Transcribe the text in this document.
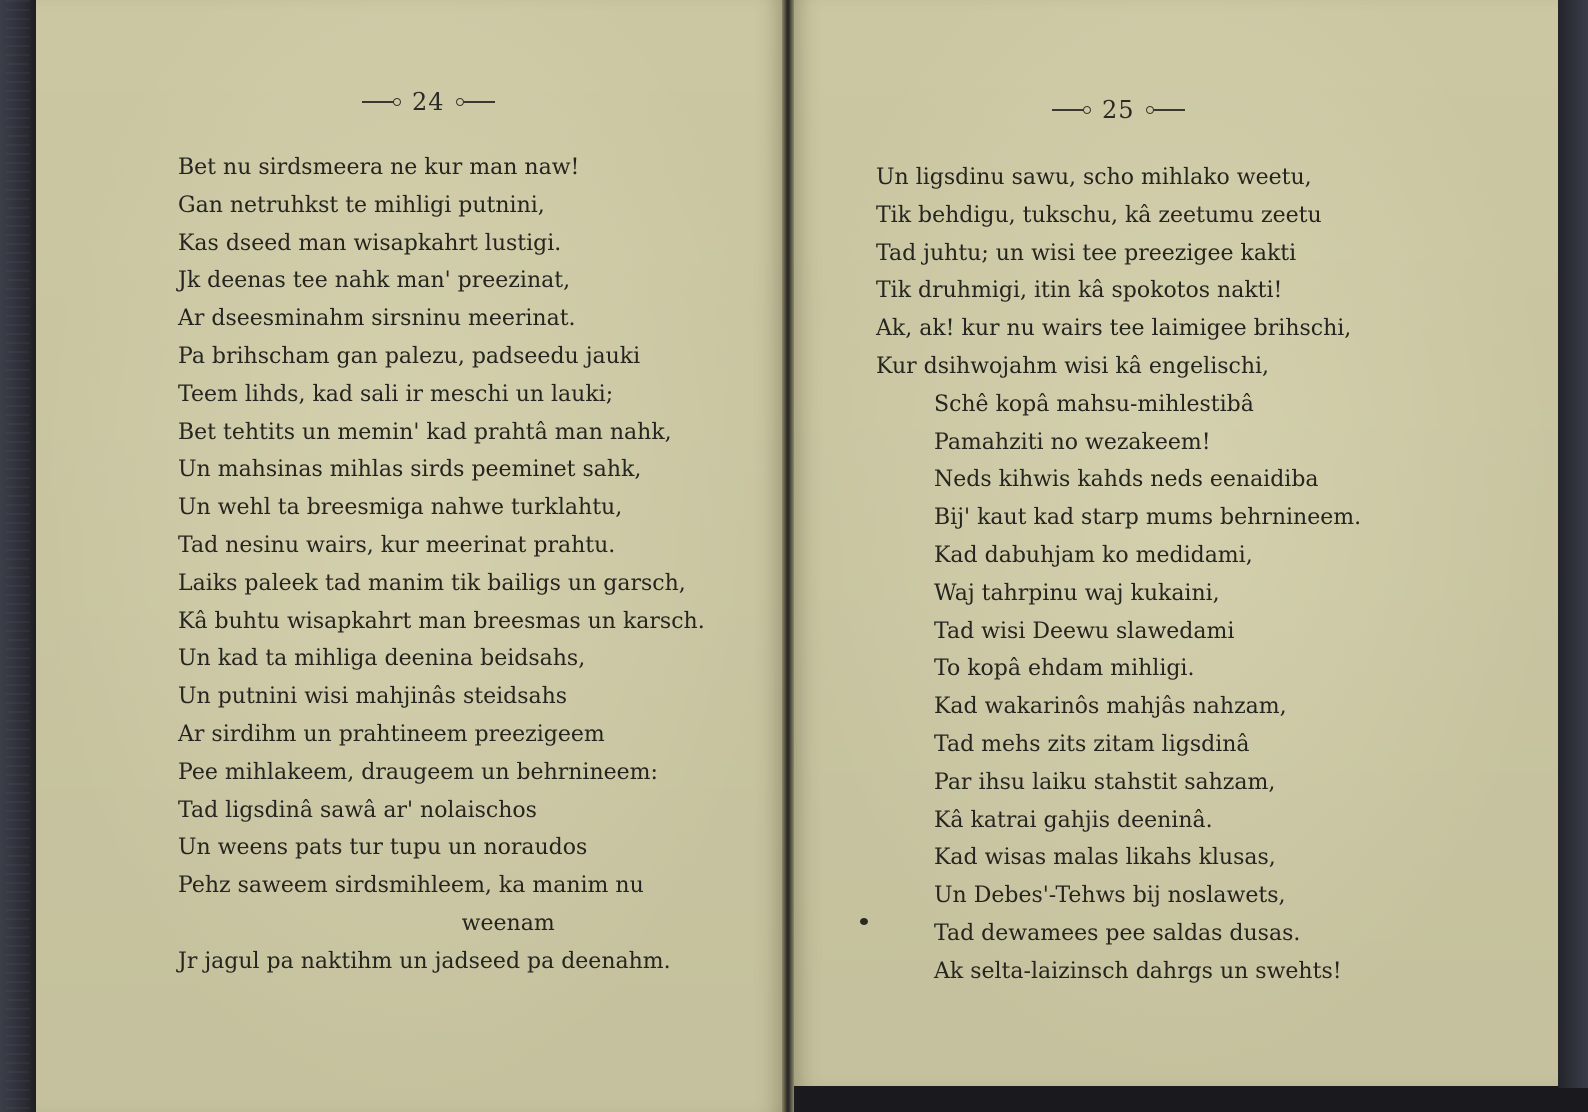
24
Bet nu sirdsmeera ne kur man naw!
Gan netruhkst te mihligi putnini,
Kas dseed man wisapkahrt lustigi.
Jk deenas tee nahk man' preezinat,
Ar dseesminahm sirsninu meerinat.
Pa brihscham gan palezu, padseedu jauki
Teem lihds, kad sali ir meschi un lauki;
Bet tehtits un memin' kad prahtâ man nahk,
Un mahsinas mihlas sirds peeminet sahk,
Un wehl ta breesmiga nahwe turklahtu,
Tad nesinu wairs, kur meerinat prahtu.
Laiks paleek tad manim tik bailigs un garsch,
Kâ buhtu wisapkahrt man breesmas un karsch.
Un kad ta mihliga deenina beidsahs,
Un putnini wisi mahjinâs steidsahs
Ar sirdihm un prahtineem preezigeem
Pee mihlakeem, draugeem un behrnineem:
Tad ligsdinâ sawâ ar' nolaischos
Un weens pats tur tupu un noraudos
Pehz saweem sirdsmihleem, ka manim nu
weenam
Jr jagul pa naktihm un jadseed pa deenahm.
25
Un ligsdinu sawu, scho mihlako weetu,
Tik behdigu, tukschu, kâ zeetumu zeetu
Tad juhtu; un wisi tee preezigee kakti
Tik druhmigi, itin kâ spokotos nakti!
Ak, ak! kur nu wairs tee laimigee brihschi,
Kur dsihwojahm wisi kâ engelischi,
Schê kopâ mahsu-mihlestibâ
Pamahziti no wezakeem!
Neds kihwis kahds neds eenaidiba
Bij' kaut kad starp mums behrnineem.
Kad dabuhjam ko medidami,
Waj tahrpinu waj kukaini,
Tad wisi Deewu slawedami
To kopâ ehdam mihligi.
Kad wakarinôs mahjâs nahzam,
Tad mehs zits zitam ligsdinâ
Par ihsu laiku stahstit sahzam,
Kâ katrai gahjis deeninâ.
Kad wisas malas likahs klusas,
Un Debes'-Tehws bij noslawets,
Tad dewamees pee saldas dusas.
Ak selta-laizinsch dahrgs un swehts!
